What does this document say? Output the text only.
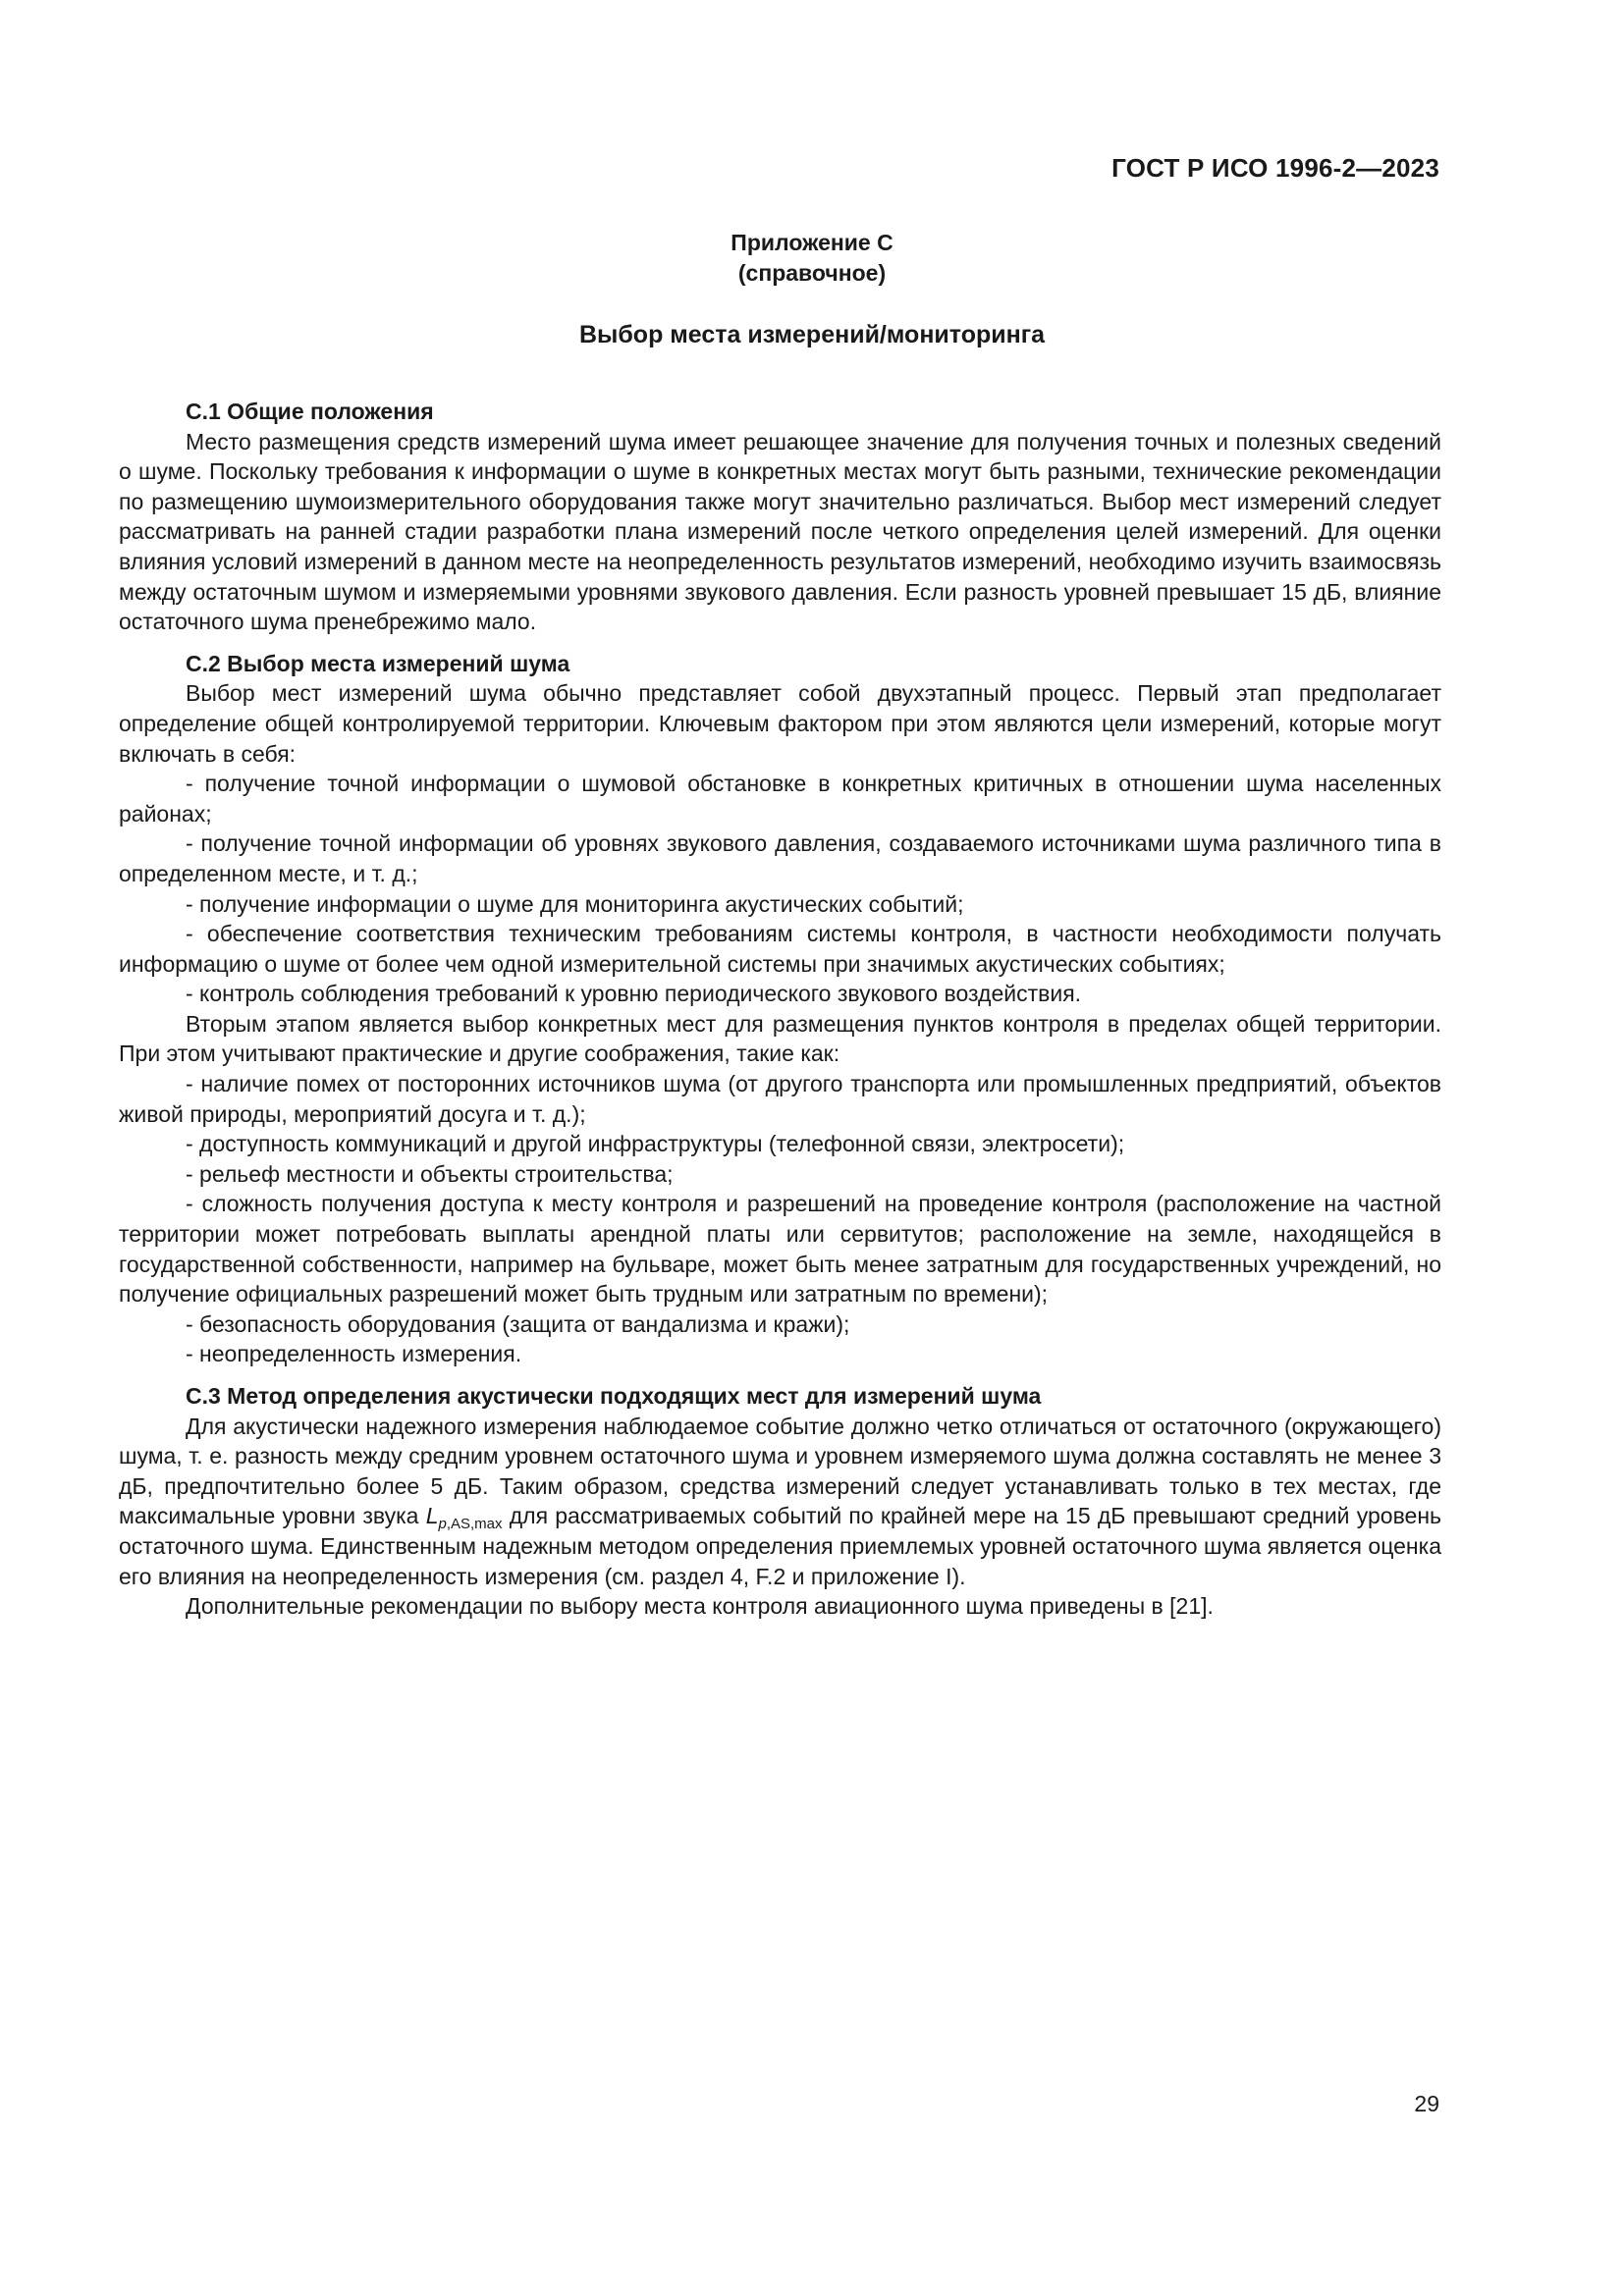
ГОСТ Р ИСО 1996-2—2023
Приложение С
(справочное)
Выбор места измерений/мониторинга
С.1 Общие положения

Место размещения средств измерений шума имеет решающее значение для получения точных и полезных сведений о шуме. Поскольку требования к информации о шуме в конкретных местах могут быть разными, технические рекомендации по размещению шумоизмерительного оборудования также могут значительно различаться. Выбор мест измерений следует рассматривать на ранней стадии разработки плана измерений после четкого определения целей измерений. Для оценки влияния условий измерений в данном месте на неопределенность результатов измерений, необходимо изучить взаимосвязь между остаточным шумом и измеряемыми уровнями звукового давления. Если разность уровней превышает 15 дБ, влияние остаточного шума пренебрежимо мало.

С.2 Выбор места измерений шума

Выбор мест измерений шума обычно представляет собой двухэтапный процесс. Первый этап предполагает определение общей контролируемой территории. Ключевым фактором при этом являются цели измерений, которые могут включать в себя:

- получение точной информации о шумовой обстановке в конкретных критичных в отношении шума населенных районах;

- получение точной информации об уровнях звукового давления, создаваемого источниками шума различного типа в определенном месте, и т. д.;

- получение информации о шуме для мониторинга акустических событий;

- обеспечение соответствия техническим требованиям системы контроля, в частности необходимости получать информацию о шуме от более чем одной измерительной системы при значимых акустических событиях;

- контроль соблюдения требований к уровню периодического звукового воздействия.

Вторым этапом является выбор конкретных мест для размещения пунктов контроля в пределах общей территории. При этом учитывают практические и другие соображения, такие как:

- наличие помех от посторонних источников шума (от другого транспорта или промышленных предприятий, объектов живой природы, мероприятий досуга и т. д.);

- доступность коммуникаций и другой инфраструктуры (телефонной связи, электросети);

- рельеф местности и объекты строительства;

- сложность получения доступа к месту контроля и разрешений на проведение контроля (расположение на частной территории может потребовать выплаты арендной платы или сервитутов; расположение на земле, находящейся в государственной собственности, например на бульваре, может быть менее затратным для государственных учреждений, но получение официальных разрешений может быть трудным или затратным по времени);

- безопасность оборудования (защита от вандализма и кражи);

- неопределенность измерения.

С.3 Метод определения акустически подходящих мест для измерений шума

Для акустически надежного измерения наблюдаемое событие должно четко отличаться от остаточного (окружающего) шума, т. е. разность между средним уровнем остаточного шума и уровнем измеряемого шума должна составлять не менее 3 дБ, предпочтительно более 5 дБ. Таким образом, средства измерений следует устанавливать только в тех местах, где максимальные уровни звука $L_{p,AS,max}$ для рассматриваемых событий по крайней мере на 15 дБ превышают средний уровень остаточного шума. Единственным надежным методом определения приемлемых уровней остаточного шума является оценка его влияния на неопределенность измерения (см. раздел 4, F.2 и приложение I).

Дополнительные рекомендации по выбору места контроля авиационного шума приведены в [21].

29
